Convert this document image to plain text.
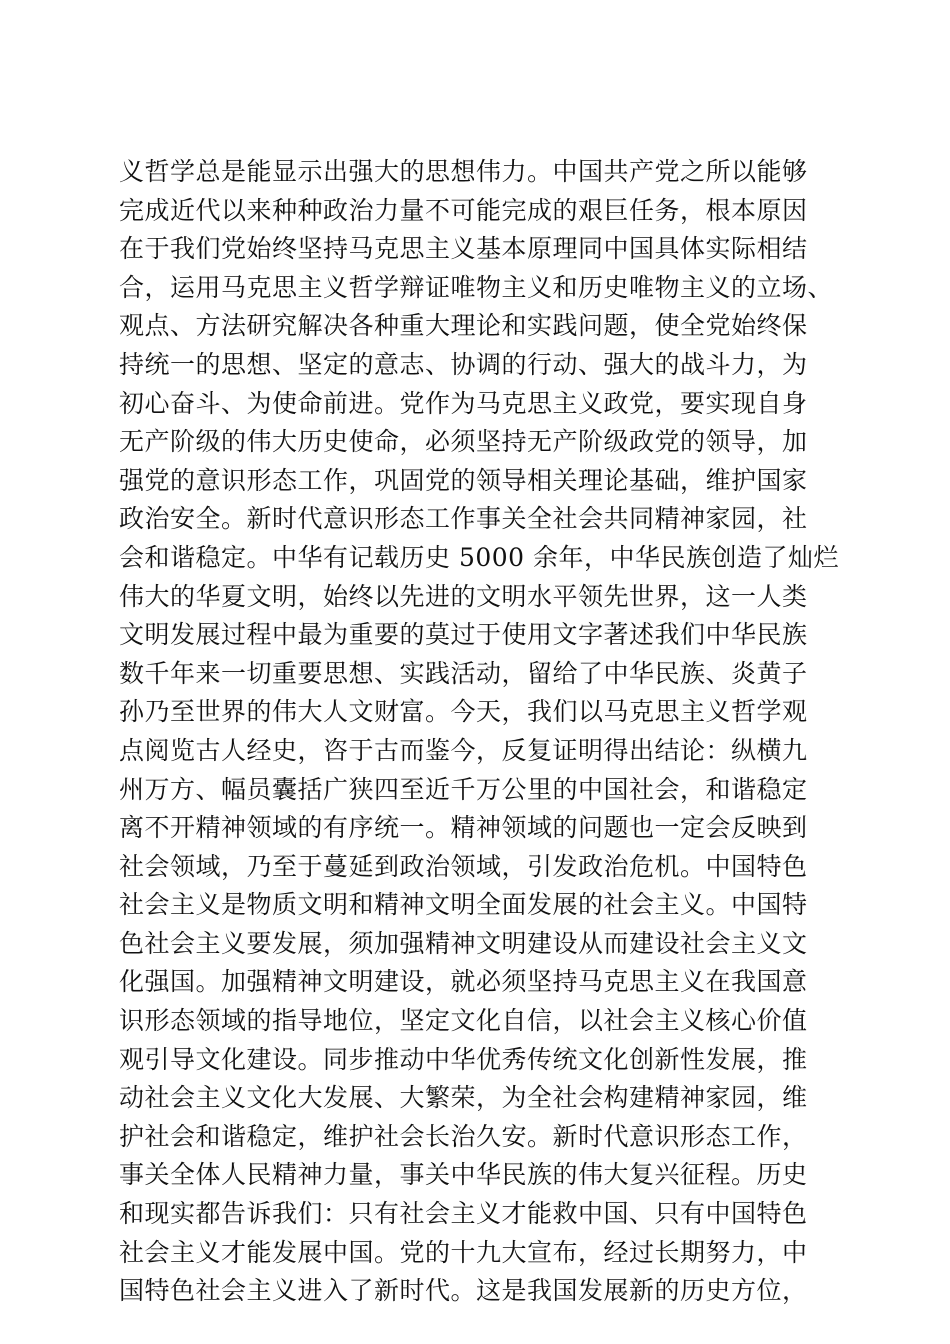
义哲学总是能显示出强大的思想伟力。中国共产党之所以能够
完成近代以来种种政治力量不可能完成的艰巨任务，根本原因
在于我们党始终坚持马克思主义基本原理同中国具体实际相结
合，运用马克思主义哲学辩证唯物主义和历史唯物主义的立场、
观点、方法研究解决各种重大理论和实践问题，使全党始终保
持统一的思想、坚定的意志、协调的行动、强大的战斗力，为
初心奋斗、为使命前进。党作为马克思主义政党，要实现自身
无产阶级的伟大历史使命，必须坚持无产阶级政党的领导，加
强党的意识形态工作，巩固党的领导相关理论基础，维护国家
政治安全。新时代意识形态工作事关全社会共同精神家园，社
会和谐稳定。中华有记载历史 5000 余年，中华民族创造了灿烂
伟大的华夏文明，始终以先进的文明水平领先世界，这一人类
文明发展过程中最为重要的莫过于使用文字著述我们中华民族
数千年来一切重要思想、实践活动，留给了中华民族、炎黄子
孙乃至世界的伟大人文财富。今天，我们以马克思主义哲学观
点阅览古人经史，咨于古而鉴今，反复证明得出结论：纵横九
州万方、幅员囊括广狭四至近千万公里的中国社会，和谐稳定
离不开精神领域的有序统一。精神领域的问题也一定会反映到
社会领域，乃至于蔓延到政治领域，引发政治危机。中国特色
社会主义是物质文明和精神文明全面发展的社会主义。中国特
色社会主义要发展，须加强精神文明建设从而建设社会主义文
化强国。加强精神文明建设，就必须坚持马克思主义在我国意
识形态领域的指导地位，坚定文化自信，以社会主义核心价值
观引导文化建设。同步推动中华优秀传统文化创新性发展，推
动社会主义文化大发展、大繁荣，为全社会构建精神家园，维
护社会和谐稳定，维护社会长治久安。新时代意识形态工作，
事关全体人民精神力量，事关中华民族的伟大复兴征程。历史
和现实都告诉我们：只有社会主义才能救中国、只有中国特色
社会主义才能发展中国。党的十九大宣布，经过长期努力，中
国特色社会主义进入了新时代。这是我国发展新的历史方位，
